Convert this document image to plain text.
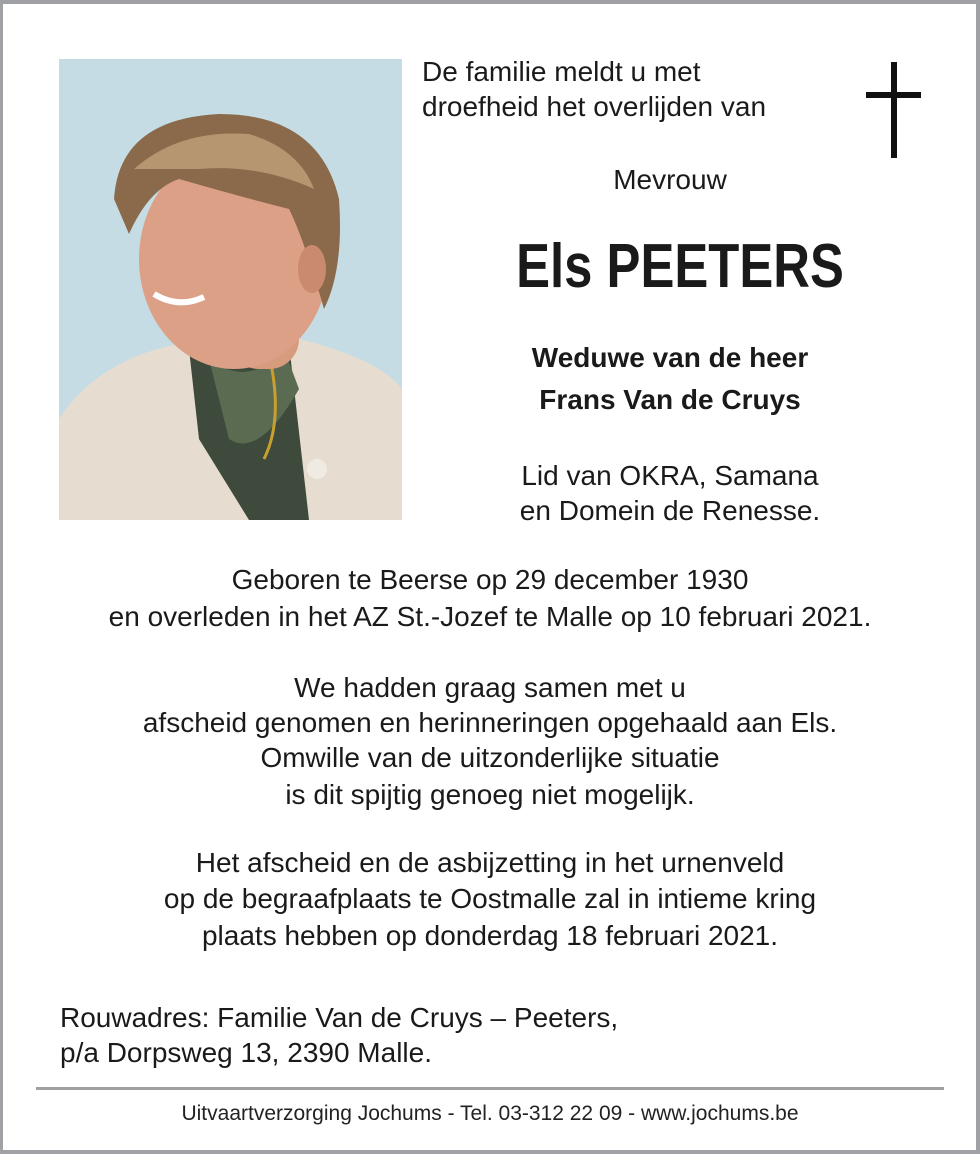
De familie meldt u met
droefheid het overlijden van
Mevrouw
Els PEETERS
Weduwe van de heer
Frans Van de Cruys
Lid van OKRA, Samana
en Domein de Renesse.
Geboren te Beerse op 29 december 1930
en overleden in het AZ St.-Jozef te Malle op 10 februari 2021.
We hadden graag samen met u
afscheid genomen en herinneringen opgehaald aan Els.
Omwille van de uitzonderlijke situatie
is dit spijtig genoeg niet mogelijk.
Het afscheid en de asbijzetting in het urnenveld
op de begraafplaats te Oostmalle zal in intieme kring
plaats hebben op donderdag 18 februari 2021.
Rouwadres: Familie Van de Cruys – Peeters,
p/a Dorpsweg 13, 2390 Malle.
Uitvaartverzorging Jochums - Tel. 03-312 22 09 - www.jochums.be
